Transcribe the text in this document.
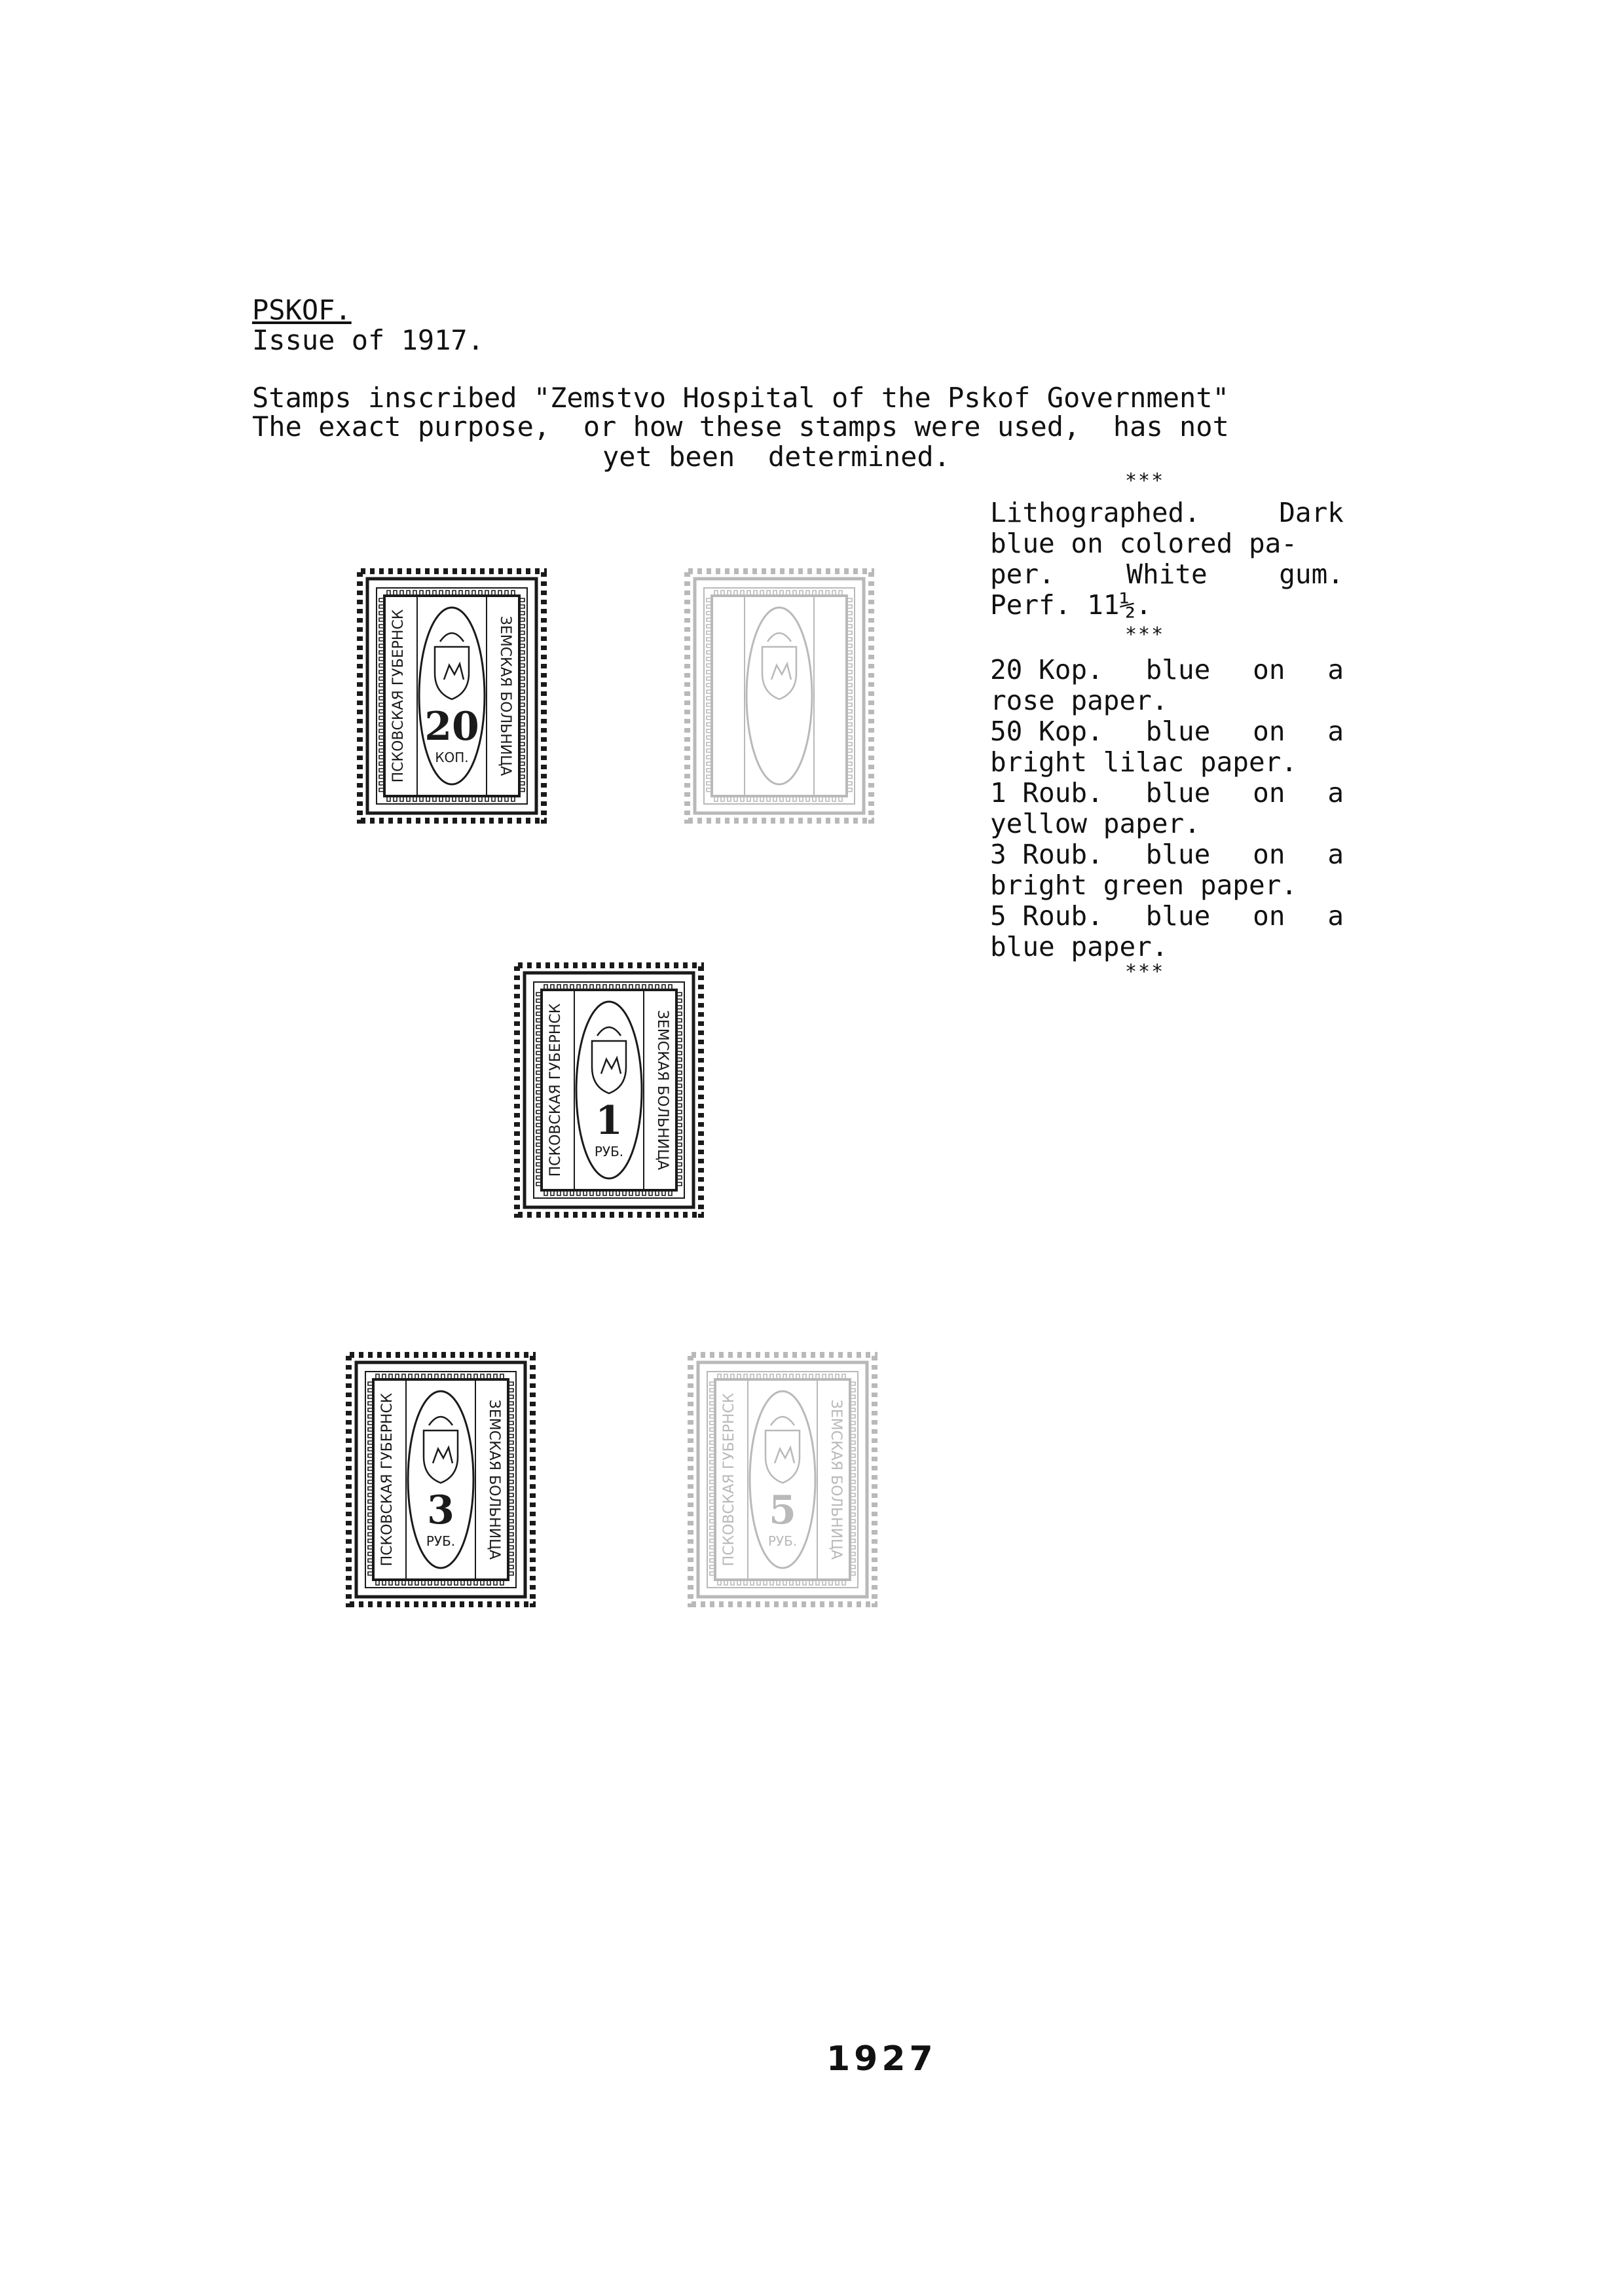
PSKOF.
Issue of 1917.
Stamps inscribed "Zemstvo Hospital of the Pskof Government"
The exact purpose,  or how these stamps were used,  has not
yet been  determined.
***
Lithographed.	Dark
blue on colored pa-
per.	White	gum.
Perf. 11½.
***
20 Kop. blue on a
rose paper.
50 Kop. blue on a
bright lilac paper.
1 Roub. blue on a
yellow paper.
3 Roub. blue on a
bright green paper.
5 Roub. blue on a
blue paper.
***
ПСКОВСКАЯ ГУБЕРНСК	ЗЕМСКАЯ БОЛЬНИЦА
20
КОП.
ПСКОВСКАЯ ГУБЕРНСК	ЗЕМСКАЯ БОЛЬНИЦА
1
РУБ.
ПСКОВСКАЯ ГУБЕРНСК	ЗЕМСКАЯ БОЛЬНИЦА
3
РУБ.	ПСКОВСКАЯ ГУБЕРНСК	ЗЕМСКАЯ БОЛЬНИЦА
5
РУБ.
1927
